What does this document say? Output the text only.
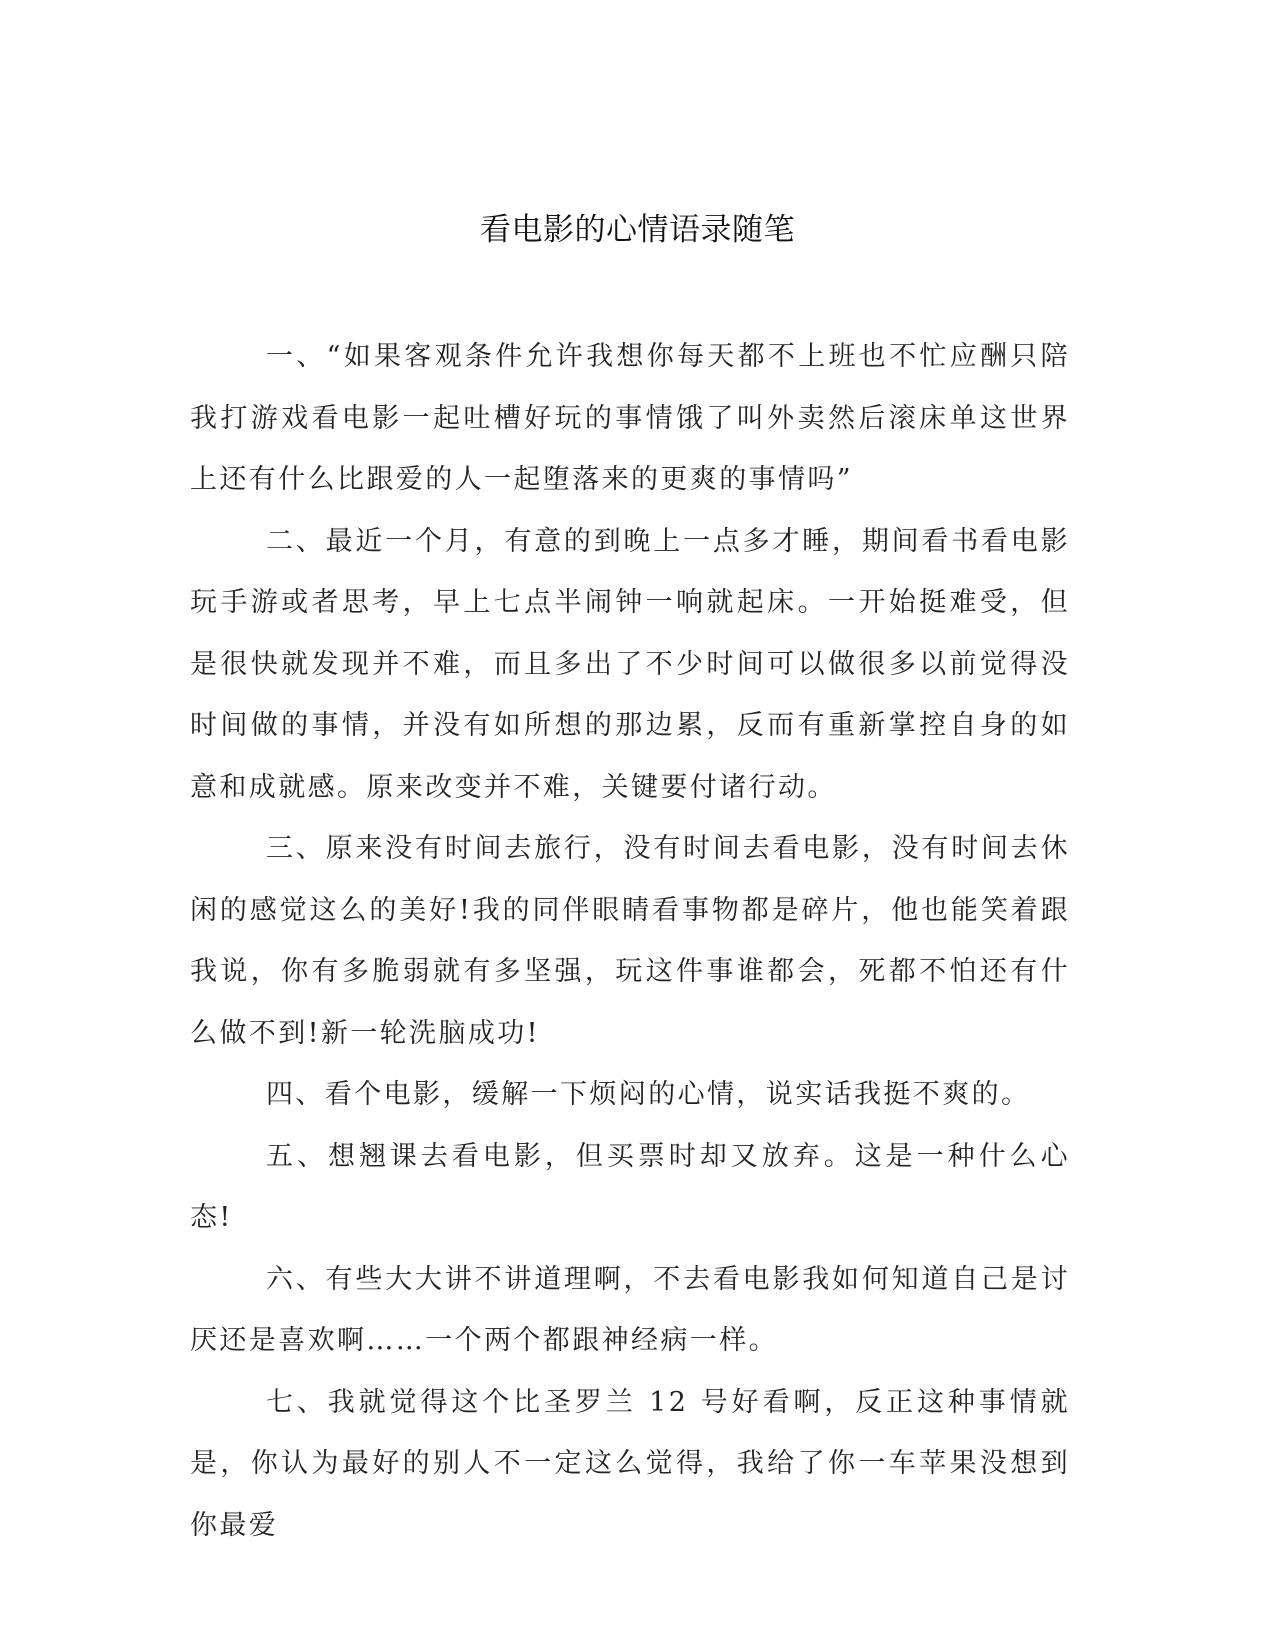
看电影的心情语录随笔

一、“如果客观条件允许我想你每天都不上班也不忙应酬只陪我打游戏看电影一起吐槽好玩的事情饿了叫外卖然后滚床单这世界上还有什么比跟爱的人一起堕落来的更爽的事情吗”

二、最近一个月，有意的到晚上一点多才睡，期间看书看电影玩手游或者思考，早上七点半闹钟一响就起床。一开始挺难受，但是很快就发现并不难，而且多出了不少时间可以做很多以前觉得没时间做的事情，并没有如所想的那边累，反而有重新掌控自身的如意和成就感。原来改变并不难，关键要付诸行动。

三、原来没有时间去旅行，没有时间去看电影，没有时间去休闲的感觉这么的美好!我的同伴眼睛看事物都是碎片，他也能笑着跟我说，你有多脆弱就有多坚强，玩这件事谁都会，死都不怕还有什么做不到!新一轮洗脑成功!

四、看个电影，缓解一下烦闷的心情，说实话我挺不爽的。

五、想翘课去看电影，但买票时却又放弃。这是一种什么心态!

六、有些大大讲不讲道理啊，不去看电影我如何知道自己是讨厌还是喜欢啊……一个两个都跟神经病一样。

七、我就觉得这个比圣罗兰 12 号好看啊，反正这种事情就是，你认为最好的别人不一定这么觉得，我给了你一车苹果没想到你最爱
